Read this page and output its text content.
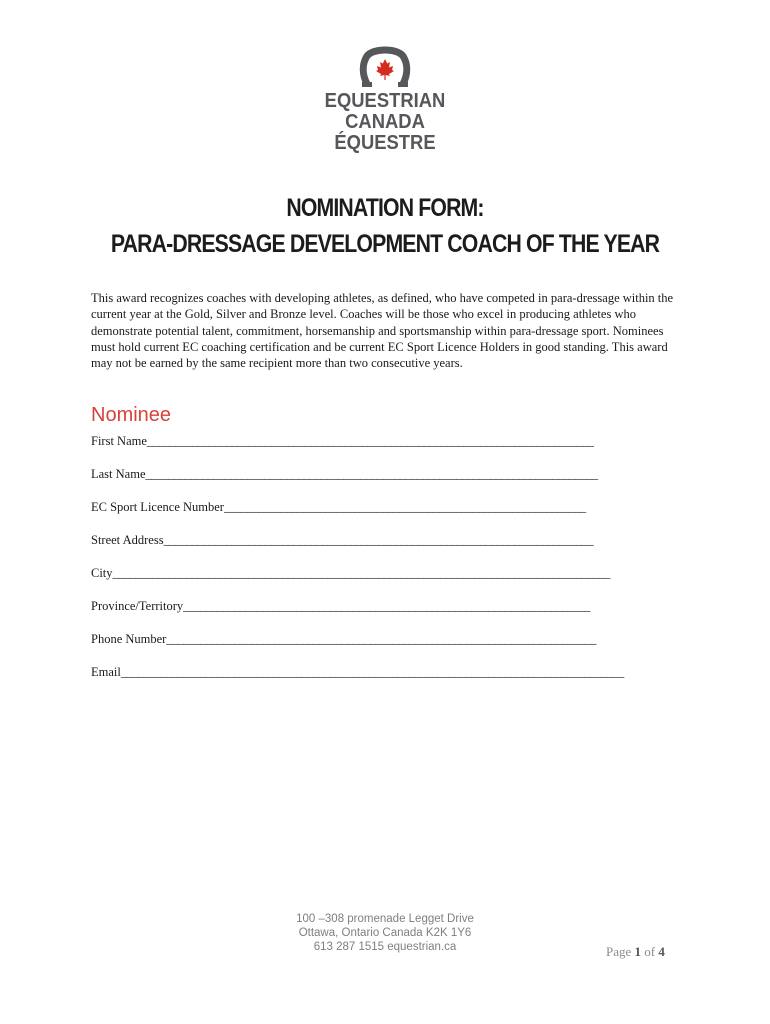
EQUESTRIAN
CANADA
ÉQUESTRE
NOMINATION FORM:
PARA-DRESSAGE DEVELOPMENT COACH OF THE YEAR
This award recognizes coaches with developing athletes, as defined, who have competed in para-dressage within the current year at the Gold, Silver and Bronze level. Coaches will be those who excel in producing athletes who demonstrate potential talent, commitment, horsemanship and sportsmanship within para-dressage sport. Nominees must hold current EC coaching certification and be current EC Sport Licence Holders in good standing. This award may not be earned by the same recipient more than two consecutive years.
Nominee
First Name_______________________________________________________________________________
Last Name________________________________________________________________________________
EC Sport Licence Number________________________________________________________________
Street Address____________________________________________________________________________
City________________________________________________________________________________________
Province/Territory________________________________________________________________________
Phone Number____________________________________________________________________________
Email_________________________________________________________________________________________
100 –308 promenade Legget Drive
Ottawa, Ontario Canada K2K 1Y6
613 287 1515 equestrian.ca	Page 1 of 4
